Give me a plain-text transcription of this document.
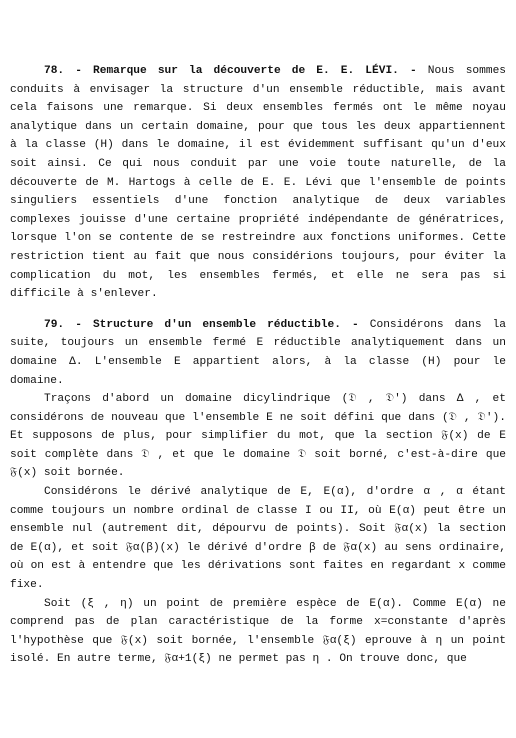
78. - Remarque sur la découverte de E. E. LÉVI. - Nous sommes conduits à envisager la structure d'un ensemble réductible, mais avant cela faisons une remarque. Si deux ensembles fermés ont le même noyau analytique dans un certain domaine, pour que tous les deux appartiennent à la classe (H) dans le domaine, il est évidemment suffisant qu'un d'eux soit ainsi. Ce qui nous conduit par une voie toute naturelle, de la découverte de M. Hartogs à celle de E. E. Lévi que l'ensemble de points singuliers essentiels d'une fonction analytique de deux variables complexes jouisse d'une certaine propriété indépendante de génératrices, lorsque l'on se contente de se restreindre aux fonctions uniformes. Cette restriction tient au fait que nous considérions toujours, pour éviter la complication du mot, les ensembles fermés, et elle ne sera pas si difficile à s'enlever.

79. - Structure d'un ensemble réductible. - Considérons dans la suite, toujours un ensemble fermé E réductible analytiquement dans un domaine Δ. L'ensemble E appartient alors, à la classe (H) pour le domaine.

Traçons d'abord un domaine dicylindrique (𝔇 , 𝔇') dans Δ , et considérons de nouveau que l'ensemble E ne soit défini que dans (𝔇 , 𝔇'). Et supposons de plus, pour simplifier du mot, que la section 𝔉(x) de E soit complète dans 𝔇 , et que le domaine 𝔇 soit borné, c'est-à-dire que 𝔉(x) soit bornée.

Considérons le dérivé analytique de E, E(α), d'ordre α , α étant comme toujours un nombre ordinal de classe I ou II, où E(α) peut être un ensemble nul (autrement dit, dépourvu de points). Soit 𝔉α(x) la section de E(α), et soit 𝔉α(β)(x) le dérivé d'ordre β de 𝔉α(x) au sens ordinaire, où on est à entendre que les dérivations sont faites en regardant x comme fixe.

Soit (ξ , η) un point de première espèce de E(α). Comme E(α) ne comprend pas de plan caractéristique de la forme x=constante d'après l'hypothèse que 𝔉(x) soit bornée, l'ensemble 𝔉α(ξ) eprouve à η un point isolé. En autre terme, 𝔉α+1(ξ) ne permet pas η . On trouve donc, que
